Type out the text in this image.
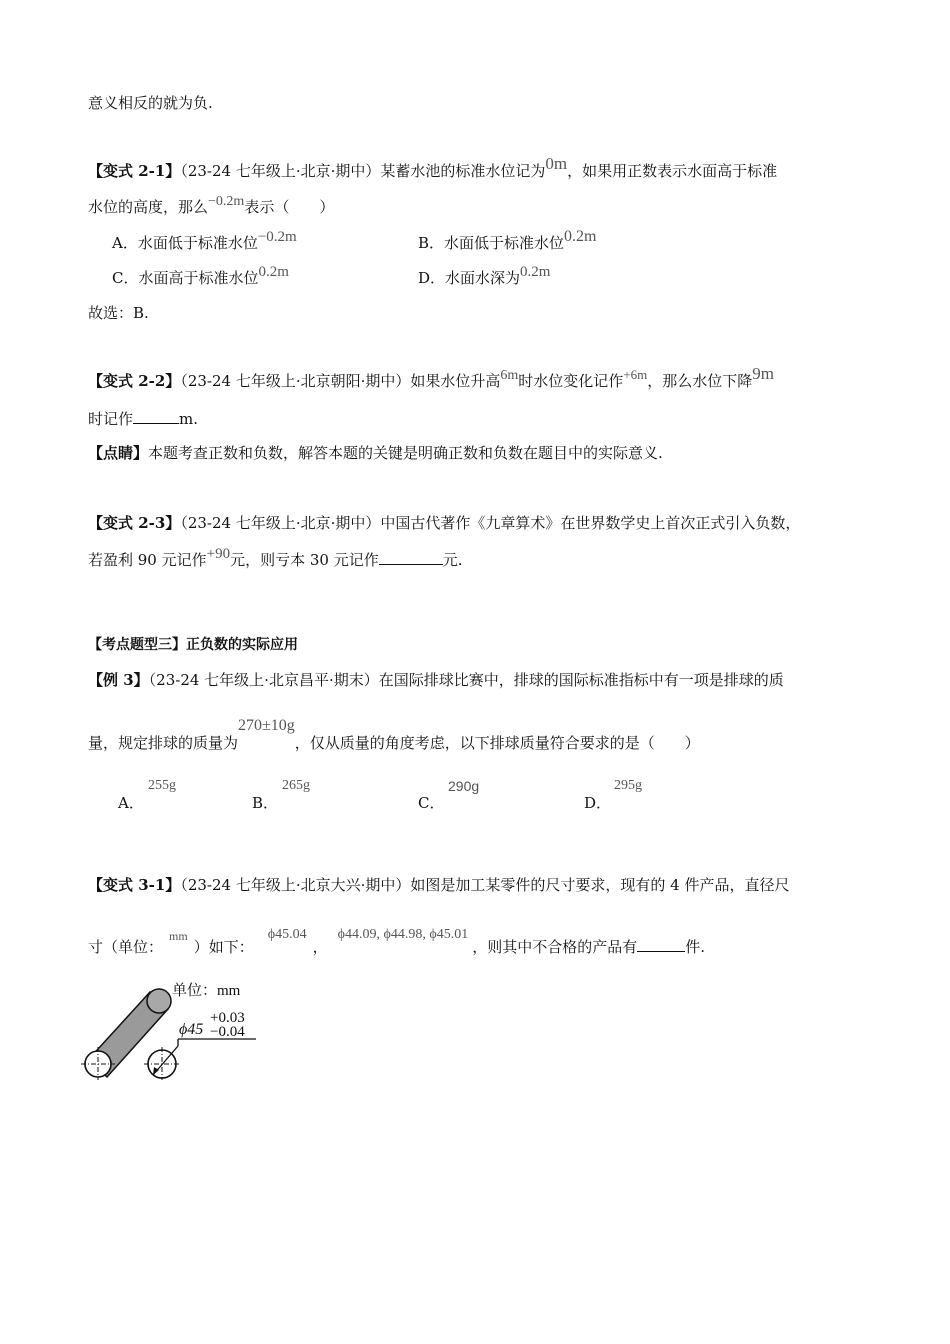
意义相反的就为负.
【变式 2-1】（23-24 七年级上·北京·期中）某蓄水池的标准水位记为0m，如果用正数表示水面高于标准
水位的高度，那么−0.2m表示（　　）
A．水面低于标准水位−0.2m	B．水面低于标准水位0.2m
C．水面高于标准水位0.2m	D．水面水深为0.2m
故选：B.
【变式 2-2】（23-24 七年级上·北京朝阳·期中）如果水位升高6m时水位变化记作+6m，那么水位下降9m
时记作	m.
【点睛】本题考查正数和负数，解答本题的关键是明确正数和负数在题目中的实际意义.
【变式 2-3】（23-24 七年级上·北京·期中）中国古代著作《九章算术》在世界数学史上首次正式引入负数，
若盈利 90 元记作+90元，则亏本 30 元记作	元.
【考点题型三】正负数的实际应用
【例 3】（23-24 七年级上·北京昌平·期末）在国际排球比赛中，排球的国际标准指标中有一项是排球的质
量，规定排球的质量为270±10g，仅从质量的角度考虑，以下排球质量符合要求的是（　　）
A．
255g
B．
265g
C．
290g
D．
295g
【变式 3-1】（23-24 七年级上·北京大兴·期中）如图是加工某零件的尺寸要求，现有的 4 件产品，直径尺
寸（单位：$^{mm}$）如下：ϕ45.04，ϕ44.09, ϕ44.98, ϕ45.01，则其中不合格的产品有	件.
单位：mm
ϕ45
+0.03
−0.04
